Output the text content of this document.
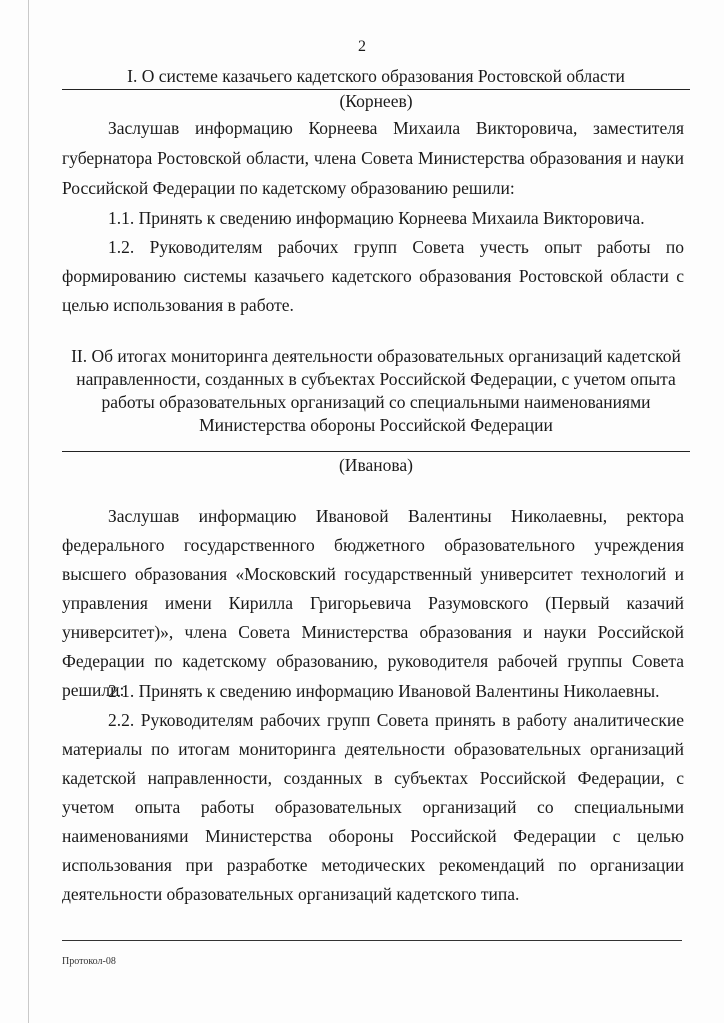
2
I. О системе казачьего кадетского образования Ростовской области
(Корнеев)
Заслушав информацию Корнеева Михаила Викторовича, заместителя губернатора Ростовской области, члена Совета Министерства образования и науки Российской Федерации по кадетскому образованию решили:
1.1. Принять к сведению информацию Корнеева Михаила Викторовича.
1.2. Руководителям рабочих групп Совета учесть опыт работы по формированию системы казачьего кадетского образования Ростовской области с целью использования в работе.
II. Об итогах мониторинга деятельности образовательных организаций кадетской
направленности, созданных в субъектах Российской Федерации, с учетом опыта
работы образовательных организаций со специальными наименованиями
Министерства обороны Российской Федерации
(Иванова)
Заслушав информацию Ивановой Валентины Николаевны, ректора федерального государственного бюджетного образовательного учреждения высшего образования «Московский государственный университет технологий и управления имени Кирилла Григорьевича Разумовского (Первый казачий университет)», члена Совета Министерства образования и науки Российской Федерации по кадетскому образованию, руководителя рабочей группы Совета решили:
2.1. Принять к сведению информацию Ивановой Валентины Николаевны.
2.2. Руководителям рабочих групп Совета принять в работу аналитические материалы по итогам мониторинга деятельности образовательных организаций кадетской направленности, созданных в субъектах Российской Федерации, с учетом опыта работы образовательных организаций со специальными наименованиями Министерства обороны Российской Федерации с целью использования при разработке методических рекомендаций по организации деятельности образовательных организаций кадетского типа.
Протокол-08
